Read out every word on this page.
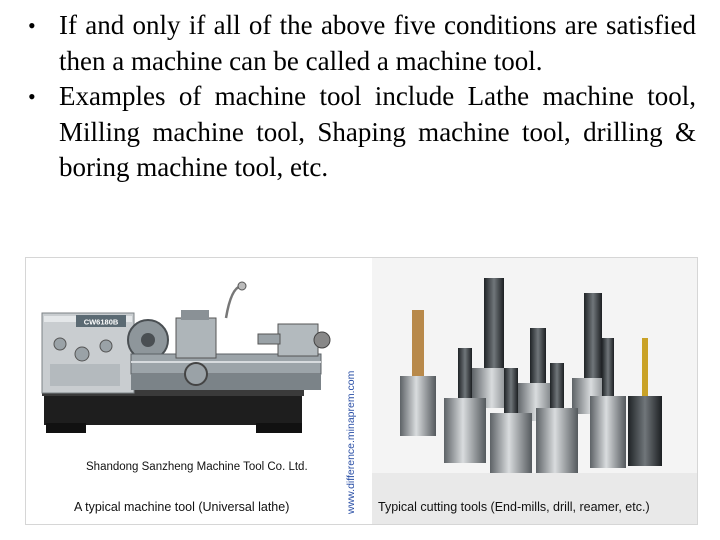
• If and only if all of the above five conditions are satisfied then a machine can be called a machine tool.
• Examples of machine tool include Lathe machine tool, Milling machine tool, Shaping machine tool, drilling & boring machine tool, etc.
CW6180B
Shandong Sanzheng Machine Tool Co. Ltd.
A typical machine tool (Universal lathe)	Typical cutting tools (End-mills, drill, reamer, etc.)
www.difference.minaprem.com
